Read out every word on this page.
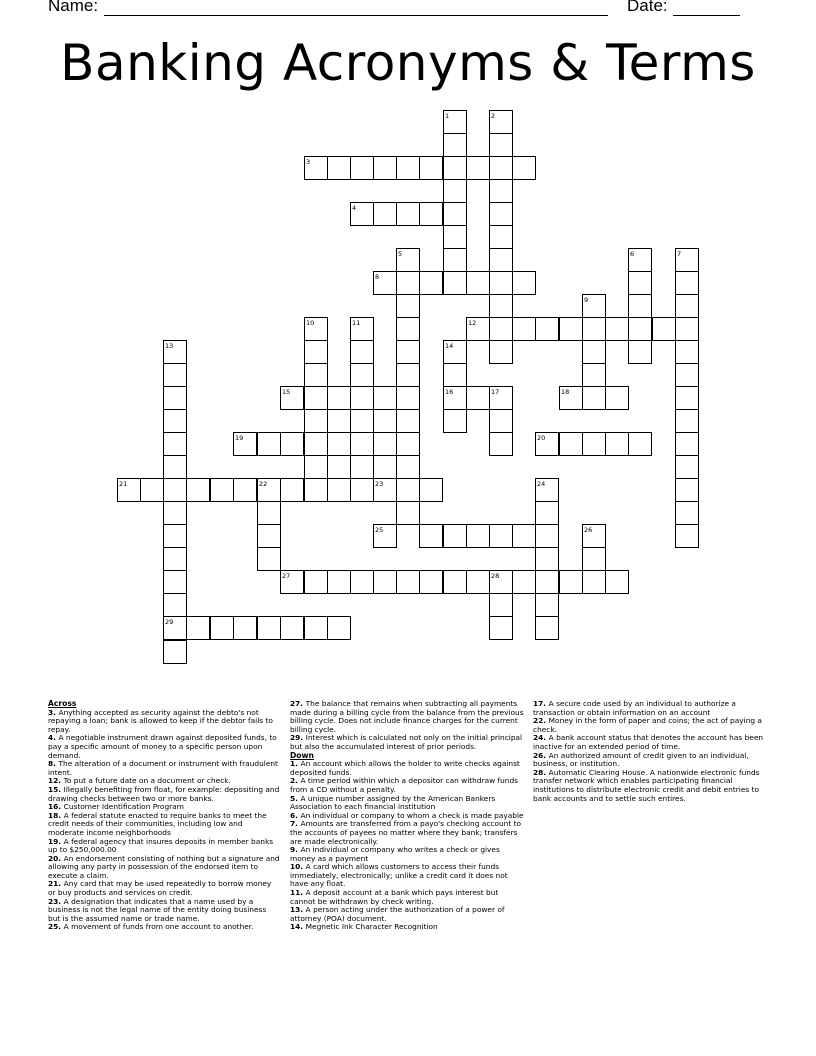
Name:	Date:
Banking Acronyms & Terms
1	2
3
4
5	6	7
8
9
10	11	12
13	14
15	16	17	18
19	20
21	22	23	24
25	26
27	28
29
Across
3. Anything accepted as security against the debto's not repaying a loan; bank is allowed to keep if the debtor fails to repay.
4. A negotiable instrument drawn against deposited funds, to pay a specific amount of money to a specific person upon demand.
8. The alteration of a document or instrument with fraudulent intent.
12. To put a future date on a document or check.
15. Illegally benefiting from float, for example: depositing and drawing checks between two or more banks.
16. Customer Identification Program
18. A federal statute enacted to require banks to meet the credit needs of their communities, including low and moderate income neighborhoods
19. A federal agency that insures deposits in member banks up to $250,000.00
20. An endorsement consisting of nothing but a signature and allowing any party in possession of the endorsed item to execute a claim.
21. Any card that may be used repeatedly to borrow money or buy products and services on credit.
23. A designation that indicates that a name used by a business is not the legal name of the entity doing business but is the assumed name or trade name.
25. A movement of funds from one account to another.
27. The balance that remains when subtracting all payments made during a billing cycle from the balance from the previous billing cycle. Does not include finance charges for the current billing cycle.
29. Interest which is calculated not only on the initial principal but also the accumulated interest of prior periods.
Down
1. An account which allows the holder to write checks against deposited funds.
2. A time period within which a depositor can withdraw funds from a CD without a penalty.
5. A unique number assigned by the American Bankers Association to each financial institution
6. An individual or company to whom a check is made payable
7. Amounts are transferred from a payo's checking account to the accounts of payees no matter where they bank; transfers are made electronically.
9. An individual or company who writes a check or gives money as a payment
10. A card which allows customers to access their funds immediately, electronically; unlike a credit card it does not have any float.
11. A deposit account at a bank which pays interest but cannot be withdrawn by check writing.
13. A person acting under the authorization of a power of attorney (POA) document.
14. Megnetic Ink Character Recognition
17. A secure code used by an individual to authorize a transaction or obtain information on an account
22. Money in the form of paper and coins; the act of paying a check.
24. A bank account status that denotes the account has been inactive for an extended period of time.
26. An authorized amount of credit given to an individual, business, or institution.
28. Automatic Clearing House. A nationwide electronic funds transfer network which enables participating financial institutions to distribute electronic credit and debit entries to bank accounts and to settle such entires.
